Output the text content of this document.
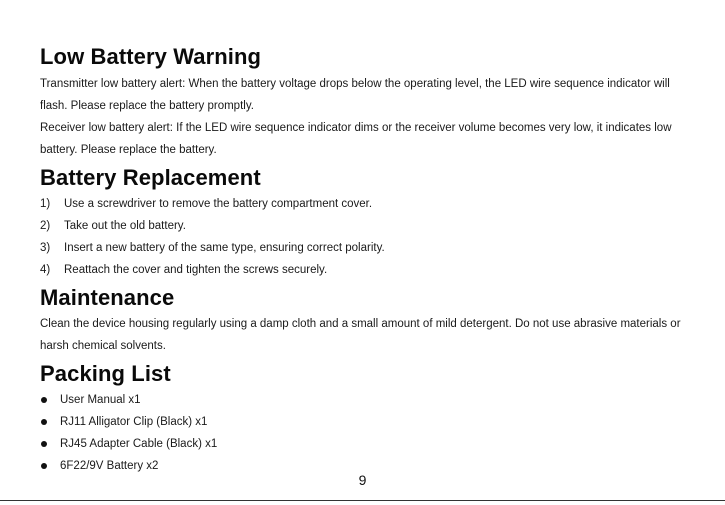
Low Battery Warning

Transmitter low battery alert: When the battery voltage drops below the operating level, the LED wire sequence indicator will flash. Please replace the battery promptly.

Receiver low battery alert: If the LED wire sequence indicator dims or the receiver volume becomes very low, it indicates low battery. Please replace the battery.

Battery Replacement
1)	Use a screwdriver to remove the battery compartment cover.
2)	Take out the old battery.
3)	Insert a new battery of the same type, ensuring correct polarity.
4)	Reattach the cover and tighten the screws securely.
Maintenance

Clean the device housing regularly using a damp cloth and a small amount of mild detergent. Do not use abrasive materials or harsh chemical solvents.

Packing List
User Manual x1
RJ11 Alligator Clip (Black) x1
RJ45 Adapter Cable (Black) x1
6F22/9V Battery x2
9
